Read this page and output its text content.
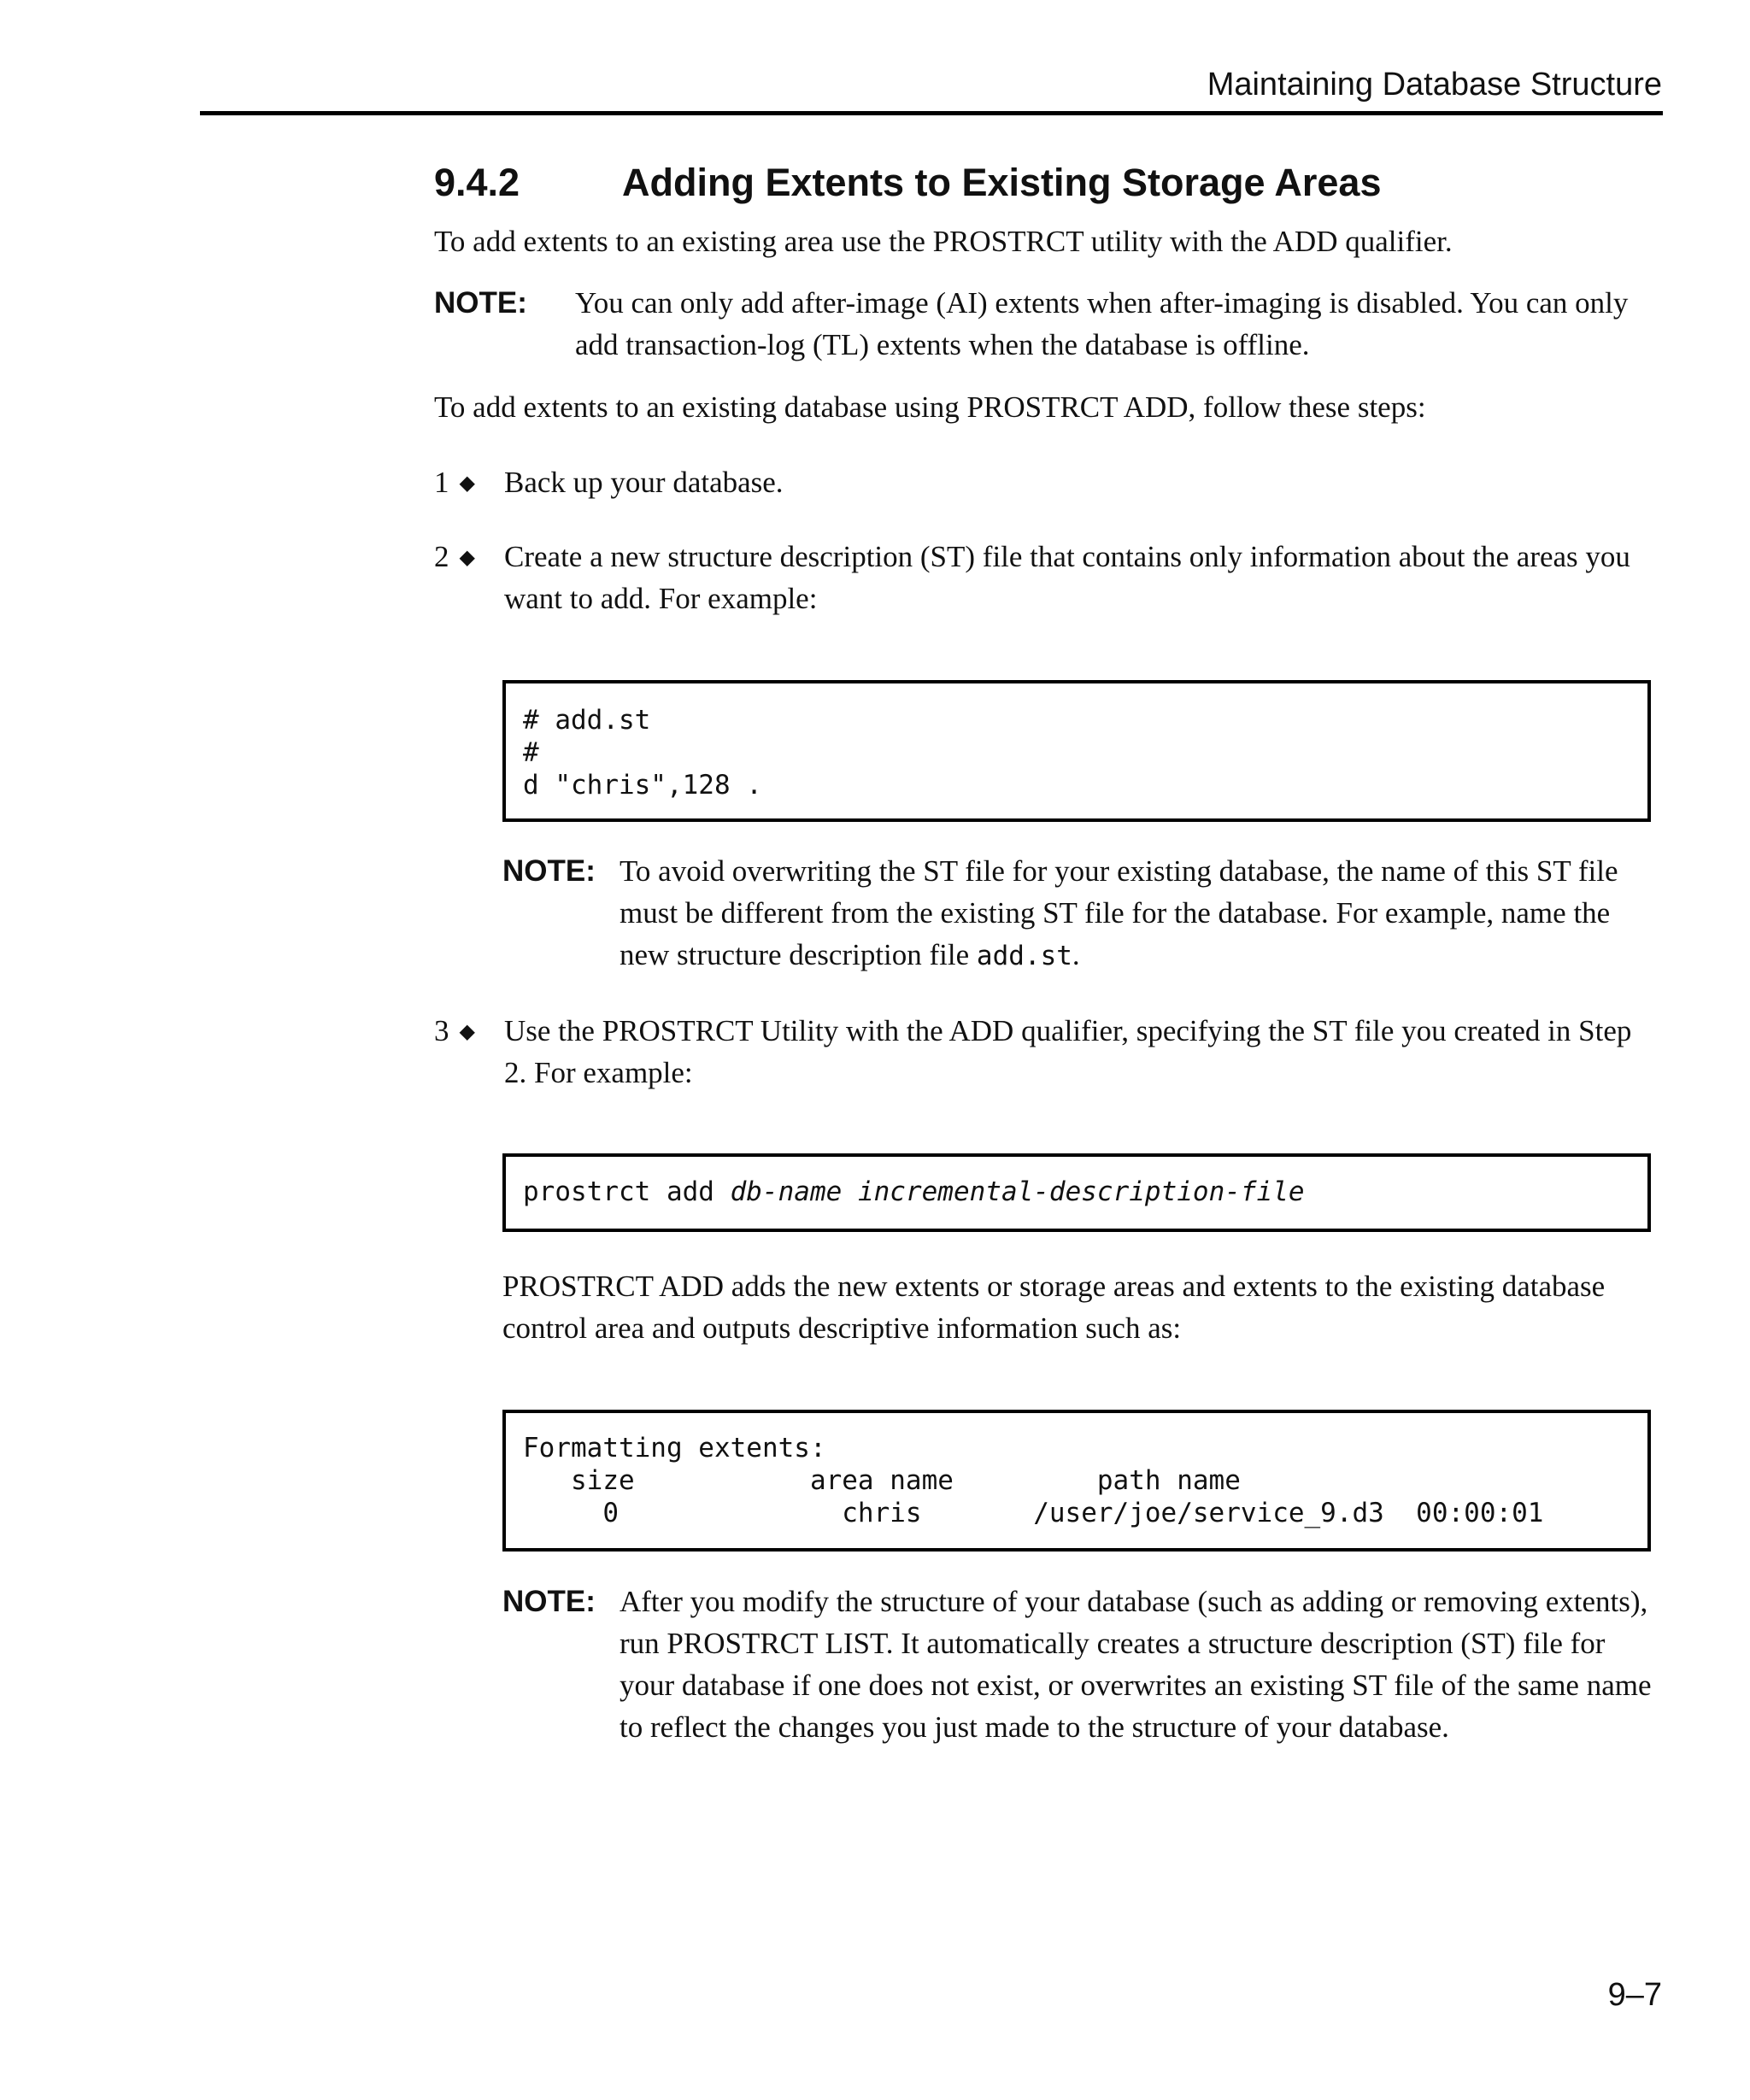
Maintaining Database Structure
9.4.2	Adding Extents to Existing Storage Areas

To add extents to an existing area use the PROSTRCT utility with the ADD qualifier.

NOTE:	You can only add after-image (AI) extents when after-imaging is disabled. You can only add transaction-log (TL) extents when the database is offline.

To add extents to an existing database using PROSTRCT ADD, follow these steps:

1 ◆ Back up your database.
2 ◆ Create a new structure description (ST) file that contains only information about the areas you want to add. For example:
# add.st
#
d "chris",128 .
NOTE: To avoid overwriting the ST file for your existing database, the name of this ST file must be different from the existing ST file for the database. For example, name the new structure description file add.st.
3 ◆ Use the PROSTRCT Utility with the ADD qualifier, specifying the ST file you created in Step 2. For example:
prostrct add db-name incremental-description-file

PROSTRCT ADD adds the new extents or storage areas and extents to the existing database control area and outputs descriptive information such as:

Formatting extents:
size           area name         path name
0              chris       /user/joe/service_9.d3  00:00:01
NOTE: After you modify the structure of your database (such as adding or removing extents), run PROSTRCT LIST. It automatically creates a structure description (ST) file for your database if one does not exist, or overwrites an existing ST file of the same name to reflect the changes you just made to the structure of your database.
9–7
